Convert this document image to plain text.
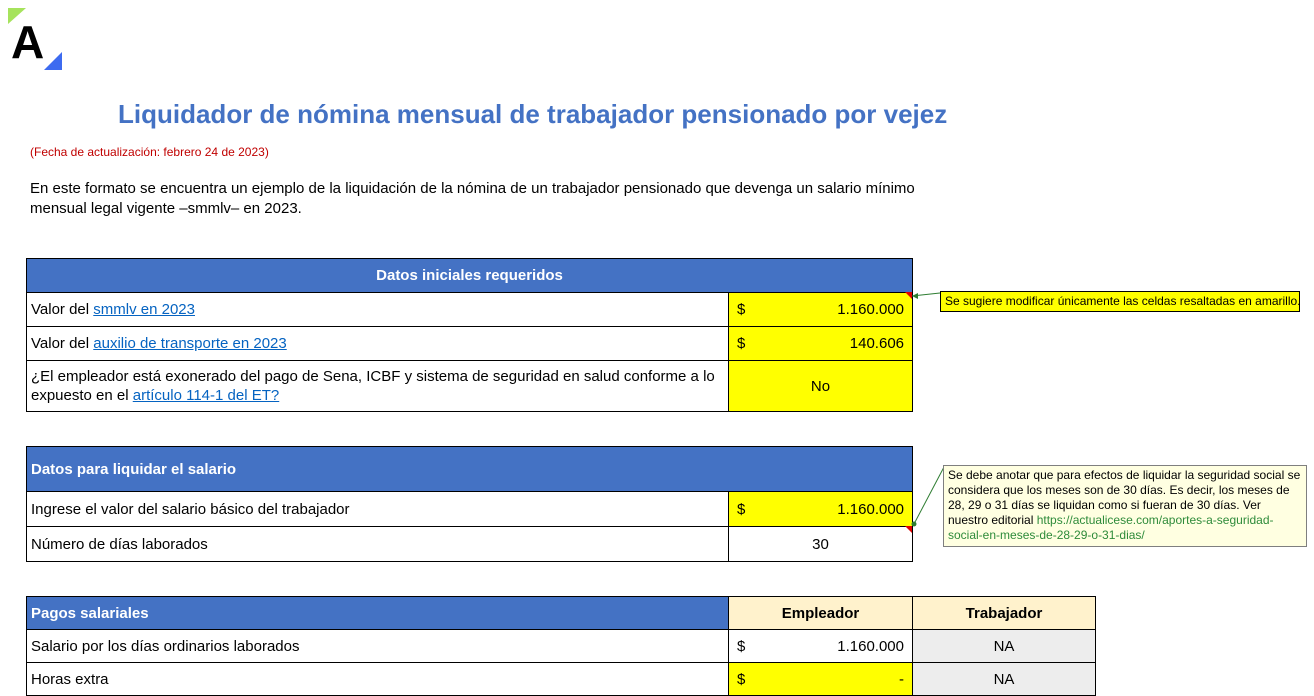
A
Liquidador de nómina mensual de trabajador pensionado por vejez
(Fecha de actualización: febrero 24 de 2023)
En este formato se encuentra un ejemplo de la liquidación de la nómina de un trabajador pensionado que devenga un salario mínimo mensual legal vigente –smmlv– en 2023.
Datos iniciales requeridos	
Valor del smmlv en 2023	$ 1.160.000

Valor del auxilio de transporte en 2023	$ 140.606

¿El empleador está exonerado del pago de Sena, ICBF y sistema de seguridad en salud conforme a lo expuesto en el artículo 114-1 del ET?	No
Datos para liquidar el salario	
Ingrese el valor del salario básico del trabajador	$ 1.160.000

Número de días laborados	30
Pagos salariales	Empleador	Trabajador
Salario por los días ordinarios laborados	$ 1.160.000	NA
Horas extra	$ -	NA
Se sugiere modificar únicamente las celdas resaltadas en amarillo.
Se debe anotar que para efectos de liquidar la seguridad social se considera que los meses son de 30 días. Es decir, los meses de 28, 29 o 31 días se liquidan como si fueran de 30 días. Ver nuestro editorial https://actualicese.com/aportes-a-seguridad-social-en-meses-de-28-29-o-31-dias/
